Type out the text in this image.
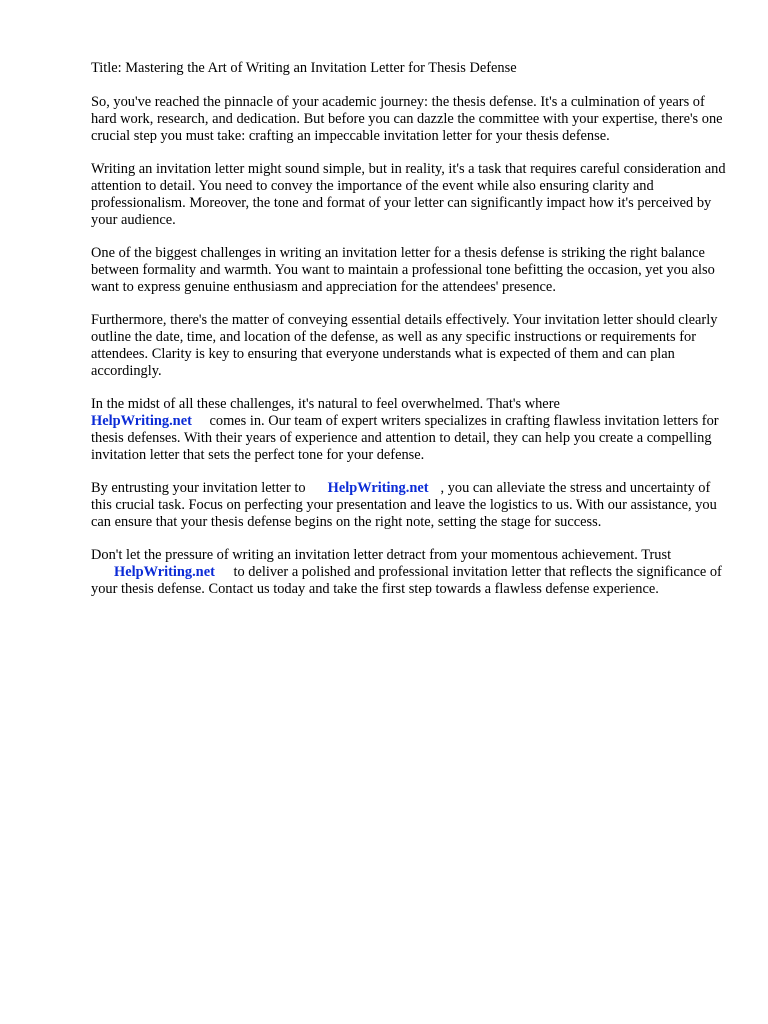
Title: Mastering the Art of Writing an Invitation Letter for Thesis Defense

So, you've reached the pinnacle of your academic journey: the thesis defense. It's a culmination of years of hard work, research, and dedication. But before you can dazzle the committee with your expertise, there's one crucial step you must take: crafting an impeccable invitation letter for your thesis defense.

Writing an invitation letter might sound simple, but in reality, it's a task that requires careful consideration and attention to detail. You need to convey the importance of the event while also ensuring clarity and professionalism. Moreover, the tone and format of your letter can significantly impact how it's perceived by your audience.

One of the biggest challenges in writing an invitation letter for a thesis defense is striking the right balance between formality and warmth. You want to maintain a professional tone befitting the occasion, yet you also want to express genuine enthusiasm and appreciation for the attendees' presence.

Furthermore, there's the matter of conveying essential details effectively. Your invitation letter should clearly outline the date, time, and location of the defense, as well as any specific instructions or requirements for attendees. Clarity is key to ensuring that everyone understands what is expected of them and can plan accordingly.

In the midst of all these challenges, it's natural to feel overwhelmed. That's where
HelpWriting.net comes in. Our team of expert writers specializes in crafting flawless invitation letters for thesis defenses. With their years of experience and attention to detail, they can help you create a compelling invitation letter that sets the perfect tone for your defense.

By entrusting your invitation letter to HelpWriting.net , you can alleviate the stress and uncertainty of this crucial task. Focus on perfecting your presentation and leave the logistics to us. With our assistance, you can ensure that your thesis defense begins on the right note, setting the stage for success.

Don't let the pressure of writing an invitation letter detract from your momentous achievement. Trust
HelpWriting.net to deliver a polished and professional invitation letter that reflects the significance of your thesis defense. Contact us today and take the first step towards a flawless defense experience.
